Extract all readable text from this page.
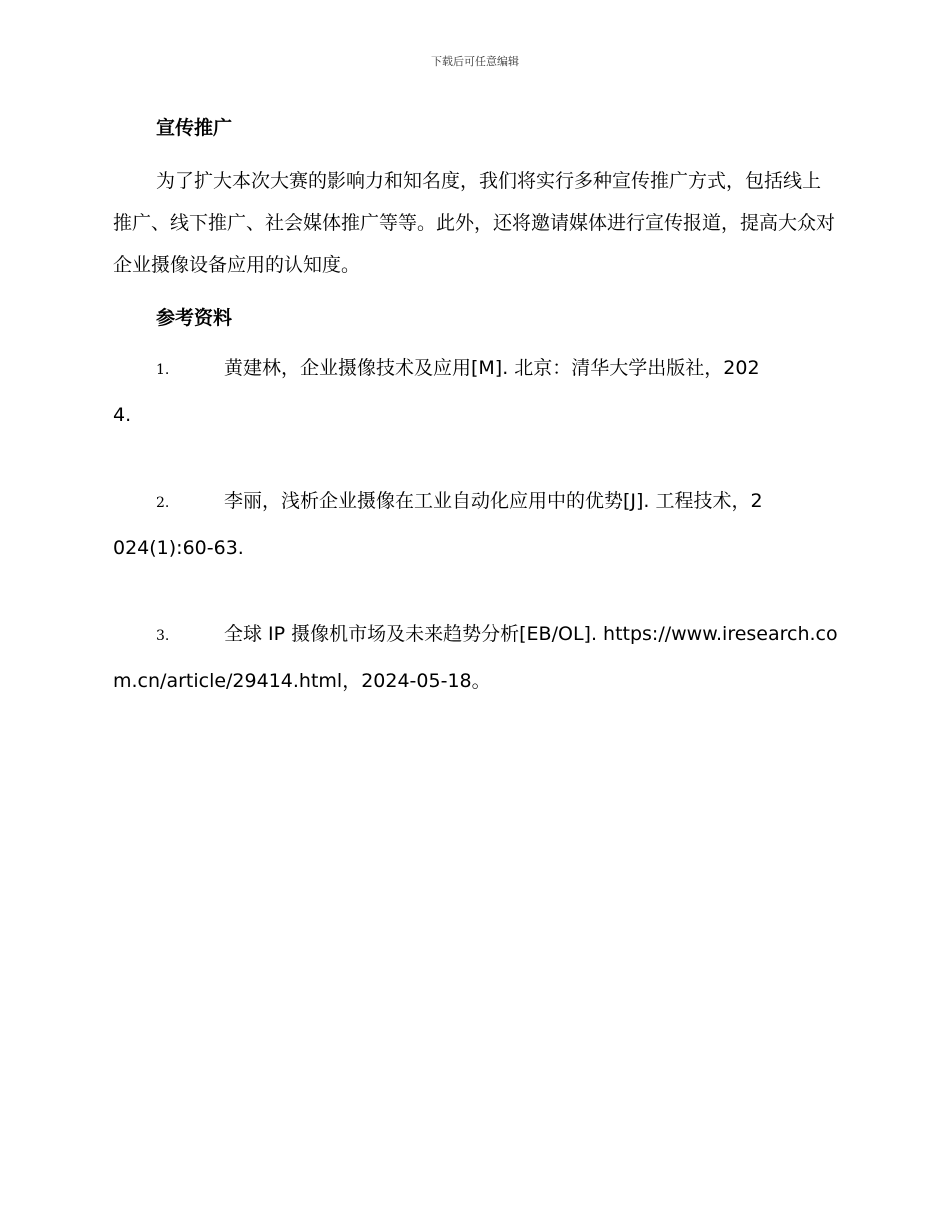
下载后可任意编辑
宣传推广

为了扩大本次大赛的影响力和知名度，我们将实行多种宣传推广方式，包括线上推广、线下推广、社会媒体推广等等。此外，还将邀请媒体进行宣传报道，提高大众对企业摄像设备应用的认知度。

参考资料
1.	黄建林，企业摄像技术及应用[M]. 北京：清华大学出版社，2024.
2.	李丽，浅析企业摄像在工业自动化应用中的优势[J]. 工程技术，2024(1):60-63.
3.	全球 IP 摄像机市场及未来趋势分析[EB/OL]. https://www.iresearch.com.cn/article/29414.html，2024-05-18。
